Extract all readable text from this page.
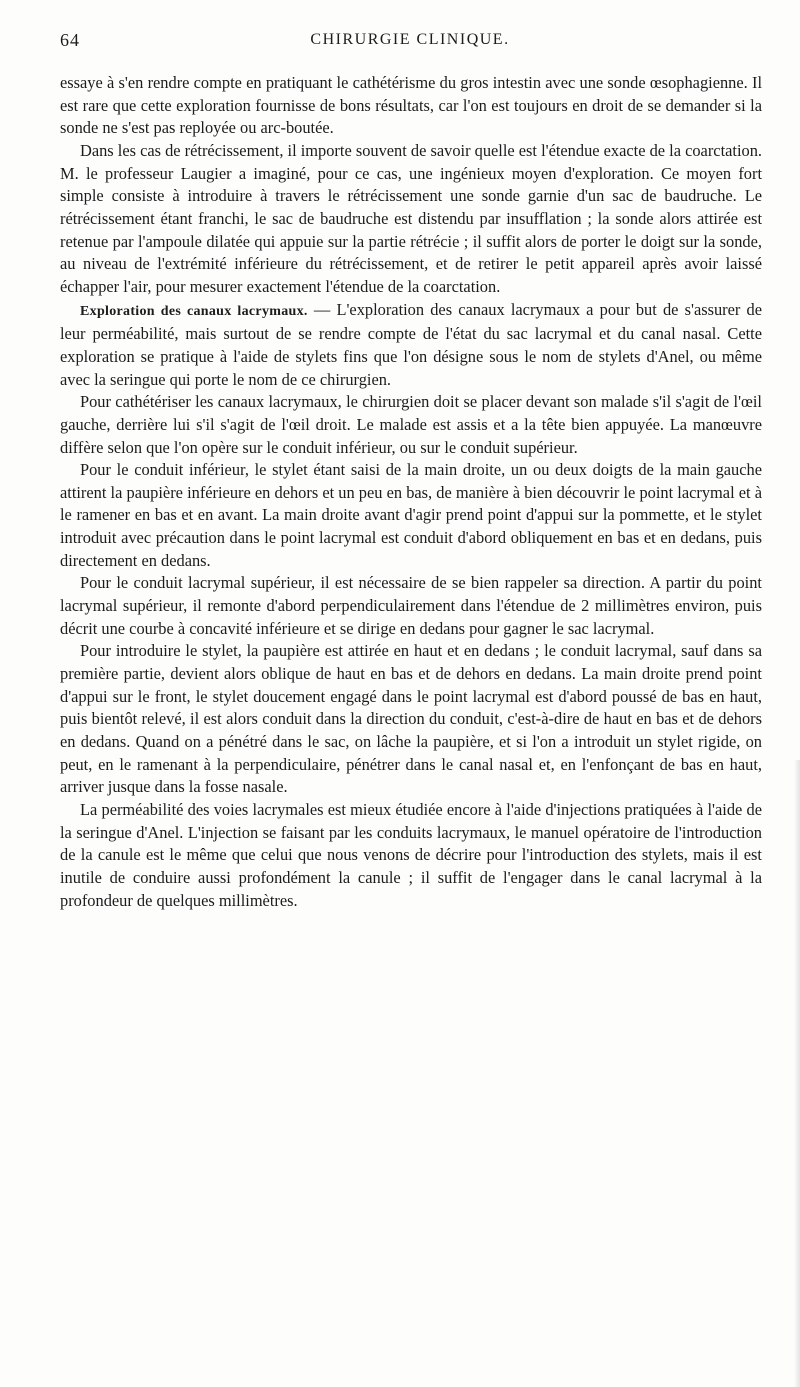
64	CHIRURGIE CLINIQUE.

essaye à s'en rendre compte en pratiquant le cathétérisme du gros intestin avec une sonde œsophagienne. Il est rare que cette exploration fournisse de bons résultats, car l'on est toujours en droit de se demander si la sonde ne s'est pas reployée ou arc-boutée.

Dans les cas de rétrécissement, il importe souvent de savoir quelle est l'étendue exacte de la coarctation. M. le professeur Laugier a imaginé, pour ce cas, une ingénieux moyen d'exploration. Ce moyen fort simple consiste à introduire à travers le rétrécissement une sonde garnie d'un sac de baudruche. Le rétrécissement étant franchi, le sac de baudruche est distendu par insufflation ; la sonde alors attirée est retenue par l'ampoule dilatée qui appuie sur la partie rétrécie ; il suffit alors de porter le doigt sur la sonde, au niveau de l'extrémité inférieure du rétrécissement, et de retirer le petit appareil après avoir laissé échapper l'air, pour mesurer exactement l'étendue de la coarctation.

Exploration des canaux lacrymaux. — L'exploration des canaux lacrymaux a pour but de s'assurer de leur perméabilité, mais surtout de se rendre compte de l'état du sac lacrymal et du canal nasal. Cette exploration se pratique à l'aide de stylets fins que l'on désigne sous le nom de stylets d'Anel, ou même avec la seringue qui porte le nom de ce chirurgien.

Pour cathétériser les canaux lacrymaux, le chirurgien doit se placer devant son malade s'il s'agit de l'œil gauche, derrière lui s'il s'agit de l'œil droit. Le malade est assis et a la tête bien appuyée. La manœuvre diffère selon que l'on opère sur le conduit inférieur, ou sur le conduit supérieur.

Pour le conduit inférieur, le stylet étant saisi de la main droite, un ou deux doigts de la main gauche attirent la paupière inférieure en dehors et un peu en bas, de manière à bien découvrir le point lacrymal et à le ramener en bas et en avant. La main droite avant d'agir prend point d'appui sur la pommette, et le stylet introduit avec précaution dans le point lacrymal est conduit d'abord obliquement en bas et en dedans, puis directement en dedans.

Pour le conduit lacrymal supérieur, il est nécessaire de se bien rappeler sa direction. A partir du point lacrymal supérieur, il remonte d'abord perpendiculairement dans l'étendue de 2 millimètres environ, puis décrit une courbe à concavité inférieure et se dirige en dedans pour gagner le sac lacrymal.

Pour introduire le stylet, la paupière est attirée en haut et en dedans ; le conduit lacrymal, sauf dans sa première partie, devient alors oblique de haut en bas et de dehors en dedans. La main droite prend point d'appui sur le front, le stylet doucement engagé dans le point lacrymal est d'abord poussé de bas en haut, puis bientôt relevé, il est alors conduit dans la direction du conduit, c'est-à-dire de haut en bas et de dehors en dedans. Quand on a pénétré dans le sac, on lâche la paupière, et si l'on a introduit un stylet rigide, on peut, en le ramenant à la perpendiculaire, pénétrer dans le canal nasal et, en l'enfonçant de bas en haut, arriver jusque dans la fosse nasale.

La perméabilité des voies lacrymales est mieux étudiée encore à l'aide d'injections pratiquées à l'aide de la seringue d'Anel. L'injection se faisant par les conduits lacrymaux, le manuel opératoire de l'introduction de la canule est le même que celui que nous venons de décrire pour l'introduction des stylets, mais il est inutile de conduire aussi profondément la canule ; il suffit de l'engager dans le canal lacrymal à la profondeur de quelques millimètres.
